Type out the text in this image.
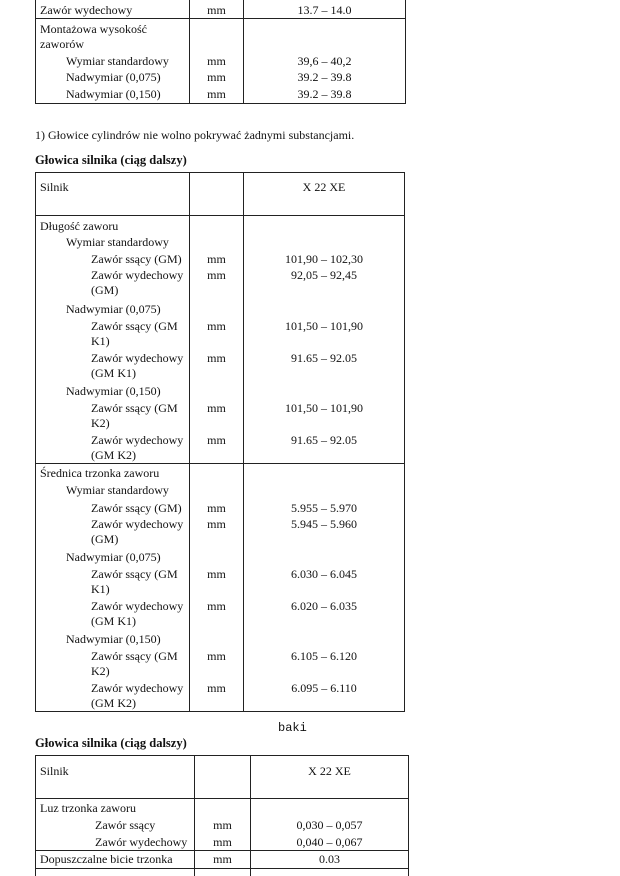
Zawór wydechowy	mm	13.7 – 14.0
Montażowa wysokość
zaworów
Wymiar standardowy	mm	39,6 – 40,2
Nadwymiar (0,075)	mm	39.2 – 39.8
Nadwymiar (0,150)	mm	39.2 – 39.8
1) Głowice cylindrów nie wolno pokrywać żadnymi substancjami.
Głowica silnika (ciąg dalszy)
Silnik	X 22 XE
Długość zaworu
Wymiar standardowy
Zawór ssący (GM)	mm	101,90 – 102,30
Zawór wydechowy
(GM)
mm	92,05 – 92,45
Nadwymiar (0,075)
Zawór ssący (GM
K1)
mm	101,50 – 101,90
Zawór wydechowy
(GM K1)
mm	91.65 – 92.05
Nadwymiar (0,150)
Zawór ssący (GM
K2)
mm	101,50 – 101,90
Zawór wydechowy
(GM K2)
mm	91.65 – 92.05
Średnica trzonka zaworu
Wymiar standardowy
Zawór ssący (GM)	mm	5.955 – 5.970
Zawór wydechowy
(GM)
mm	5.945 – 5.960
Nadwymiar (0,075)
Zawór ssący (GM
K1)
mm	6.030 – 6.045
Zawór wydechowy
(GM K1)
mm	6.020 – 6.035
Nadwymiar (0,150)
Zawór ssący (GM
K2)
mm	6.105 – 6.120
Zawór wydechowy
(GM K2)
mm	6.095 – 6.110
baki
Głowica silnika (ciąg dalszy)
Silnik	X 22 XE
Luz trzonka zaworu
Zawór ssący	mm	0,030 – 0,057
Zawór wydechowy	mm	0,040 – 0,067
Dopuszczalne bicie trzonka	mm	0.03
